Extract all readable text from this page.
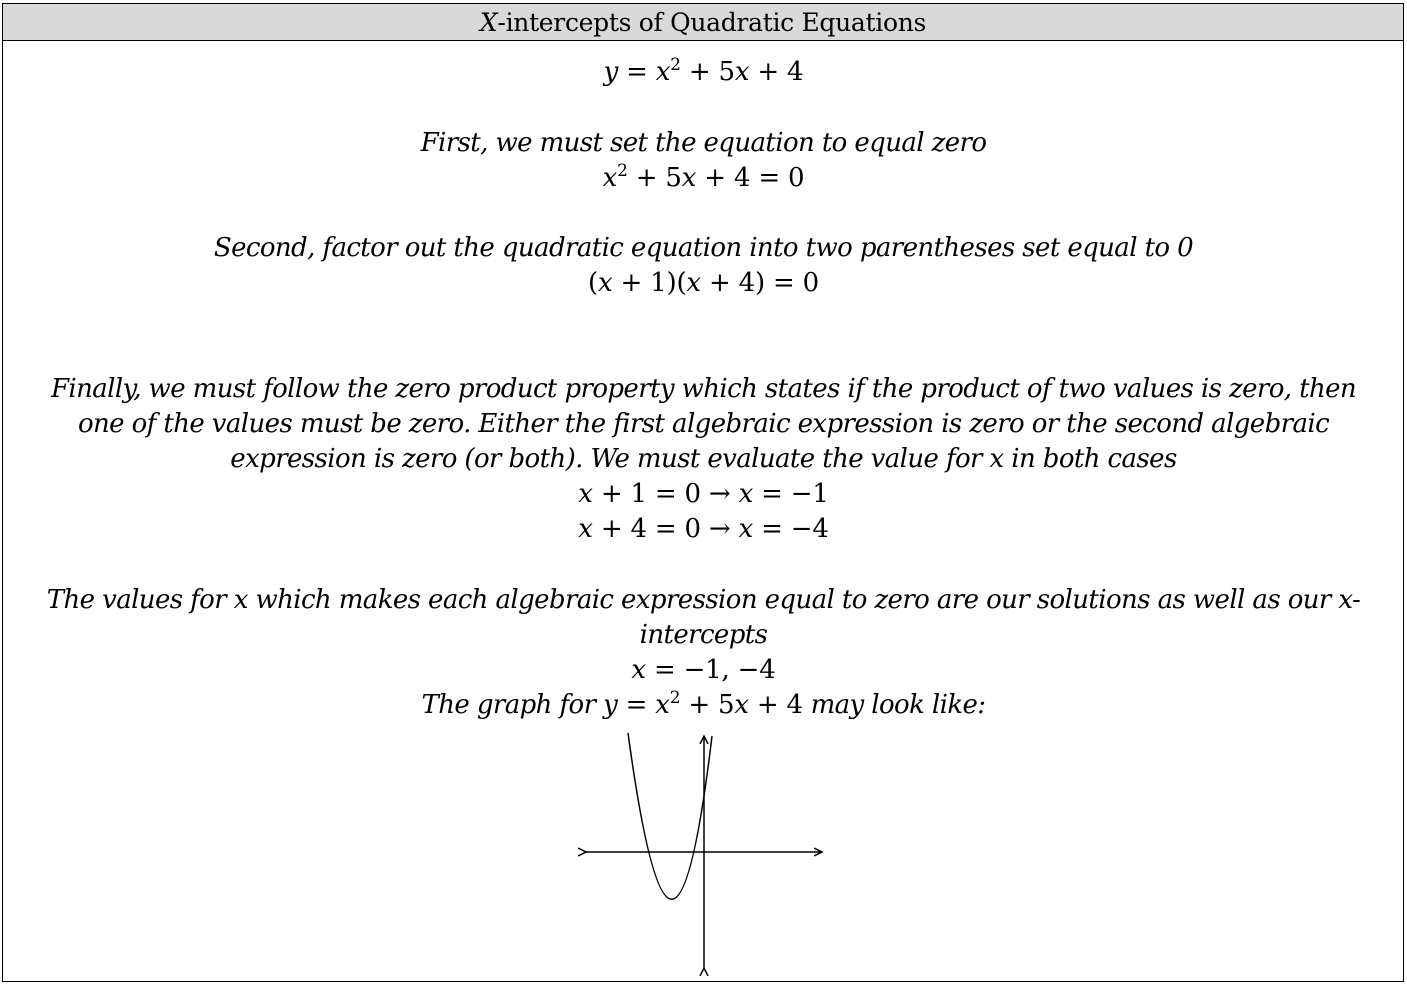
X-intercepts of Quadratic Equations
$y = x^2 + 5x + 4$
First, we must set the equation to equal zero
$x^2 + 5x + 4 = 0$
Second, factor out the quadratic equation into two parentheses set equal to 0
(x + 1)(x + 4) = 0
Finally, we must follow the zero product property which states if the product of two values is zero, then
one of the values must be zero. Either the first algebraic expression is zero or the second algebraic
expression is zero (or both). We must evaluate the value for x in both cases
x + 1 = 0 → x = −1
x + 4 = 0 → x = −4
The values for x which makes each algebraic expression equal to zero are our solutions as well as our x-
intercepts
x = −1, −4
The graph for $y = x^2 + 5x + 4$ may look like:
